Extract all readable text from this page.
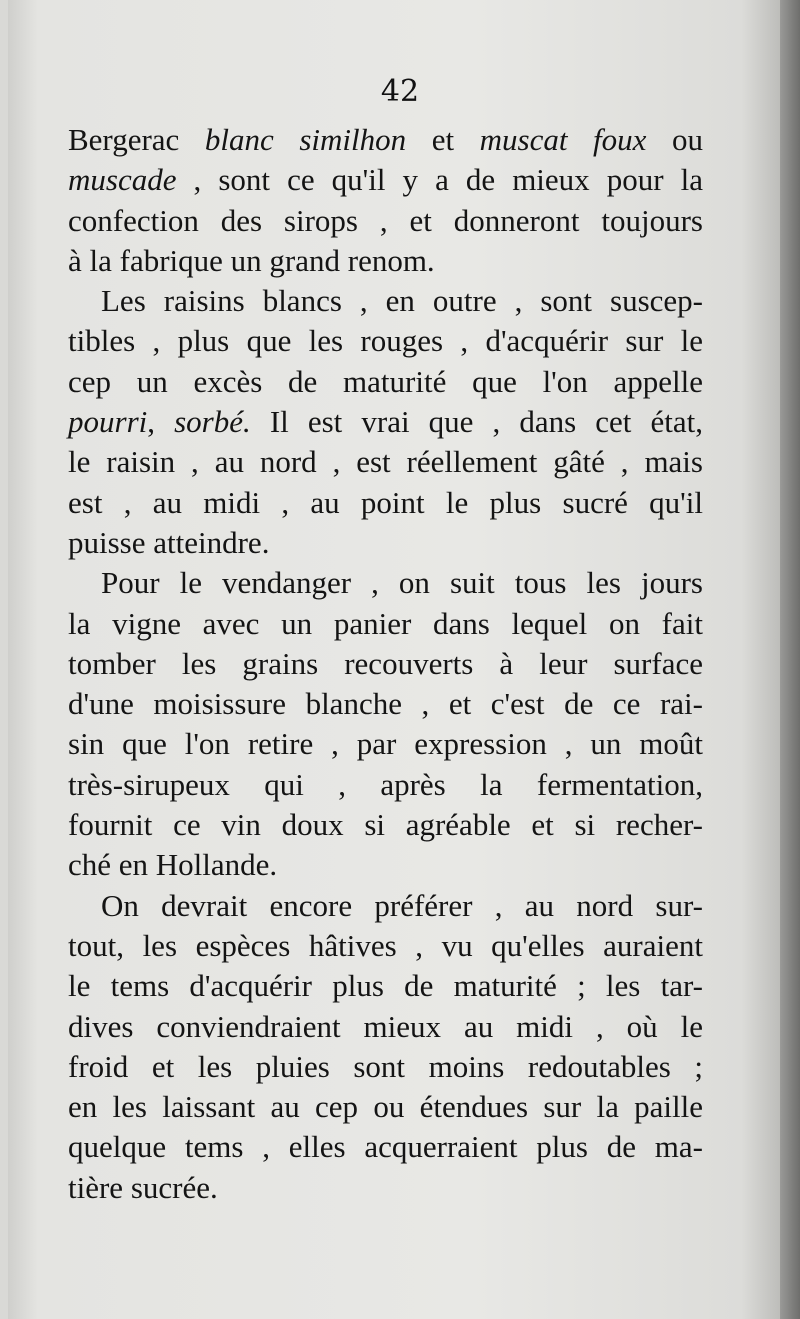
42

Bergerac blanc similhon et muscat foux ou
muscade , sont ce qu'il y a de mieux pour la
confection des sirops , et donneront toujours
à la fabrique un grand renom.
Les raisins blancs , en outre , sont suscep-
tibles , plus que les rouges , d'acquérir sur le
cep un excès de maturité que l'on appelle
pourri, sorbé. Il est vrai que , dans cet état,
le raisin , au nord , est réellement gâté , mais
est , au midi , au point le plus sucré qu'il
puisse atteindre.
Pour le vendanger , on suit tous les jours
la vigne avec un panier dans lequel on fait
tomber les grains recouverts à leur surface
d'une moisissure blanche , et c'est de ce rai-
sin que l'on retire , par expression , un moût
très-sirupeux qui , après la fermentation,
fournit ce vin doux si agréable et si recher-
ché en Hollande.
On devrait encore préférer , au nord sur-
tout, les espèces hâtives , vu qu'elles auraient
le tems d'acquérir plus de maturité ; les tar-
dives conviendraient mieux au midi , où le
froid et les pluies sont moins redoutables ;
en les laissant au cep ou étendues sur la paille
quelque tems , elles acquerraient plus de ma-
tière sucrée.
